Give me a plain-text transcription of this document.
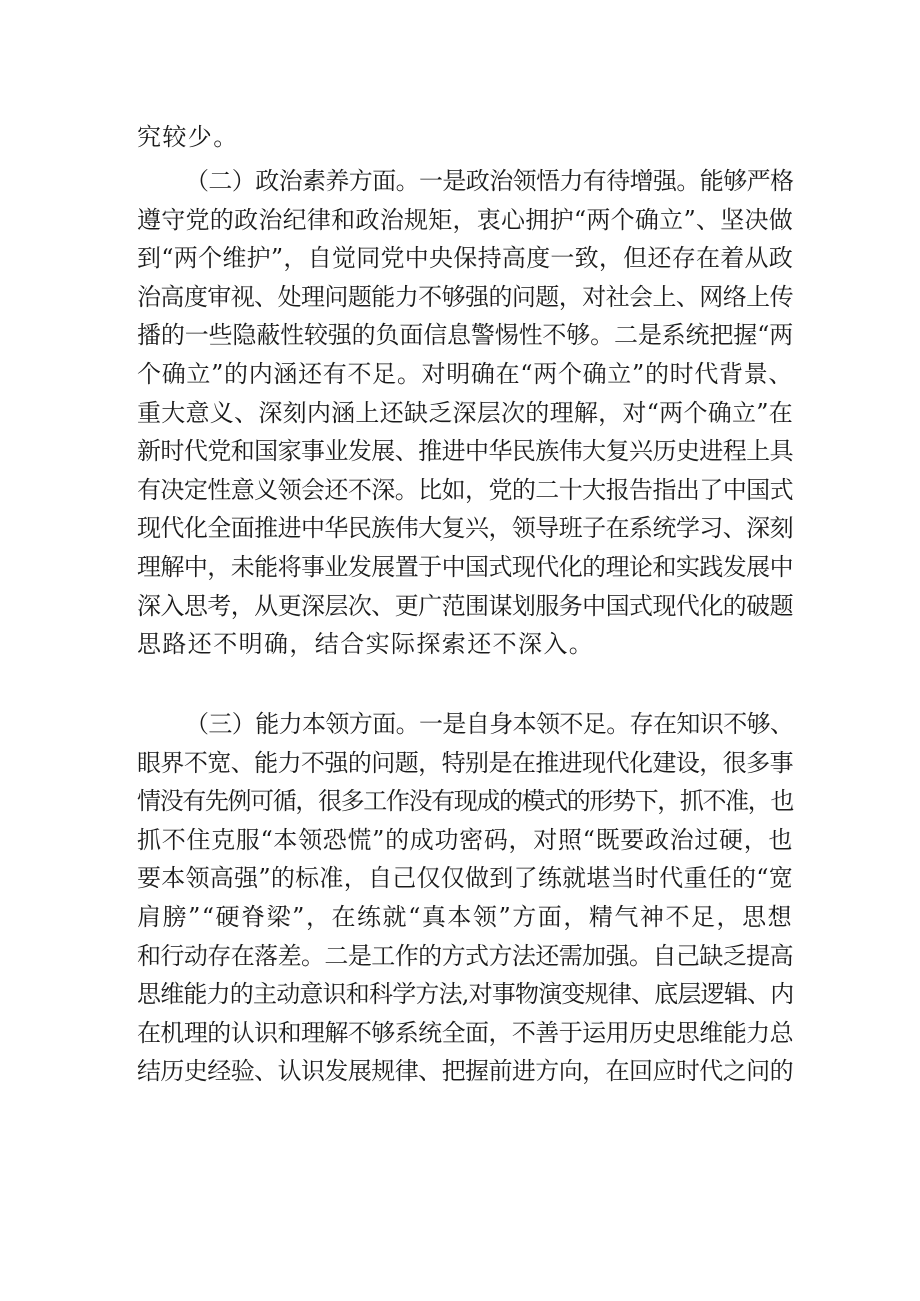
究较少。

（二）政治素养方面。一是政治领悟力有待增强。能够严格
遵守党的政治纪律和政治规矩，衷心拥护“两个确立”、坚决做
到“两个维护”，自觉同党中央保持高度一致，但还存在着从政
治高度审视、处理问题能力不够强的问题，对社会上、网络上传
播的一些隐蔽性较强的负面信息警惕性不够。二是系统把握“两
个确立”的内涵还有不足。对明确在“两个确立”的时代背景、
重大意义、深刻内涵上还缺乏深层次的理解，对“两个确立”在
新时代党和国家事业发展、推进中华民族伟大复兴历史进程上具
有决定性意义领会还不深。比如，党的二十大报告指出了中国式
现代化全面推进中华民族伟大复兴，领导班子在系统学习、深刻
理解中，未能将事业发展置于中国式现代化的理论和实践发展中
深入思考，从更深层次、更广范围谋划服务中国式现代化的破题
思路还不明确，结合实际探索还不深入。

（三）能力本领方面。一是自身本领不足。存在知识不够、
眼界不宽、能力不强的问题，特别是在推进现代化建设，很多事
情没有先例可循，很多工作没有现成的模式的形势下，抓不准，也
抓不住克服“本领恐慌”的成功密码，对照“既要政治过硬，也
要本领高强”的标准，自己仅仅做到了练就堪当时代重任的“宽
肩膀”“硬脊梁”，在练就“真本领”方面，精气神不足，思想
和行动存在落差。二是工作的方式方法还需加强。自己缺乏提高
思维能力的主动意识和科学方法,对事物演变规律、底层逻辑、内
在机理的认识和理解不够系统全面，不善于运用历史思维能力总
结历史经验、认识发展规律、把握前进方向，在回应时代之问的
